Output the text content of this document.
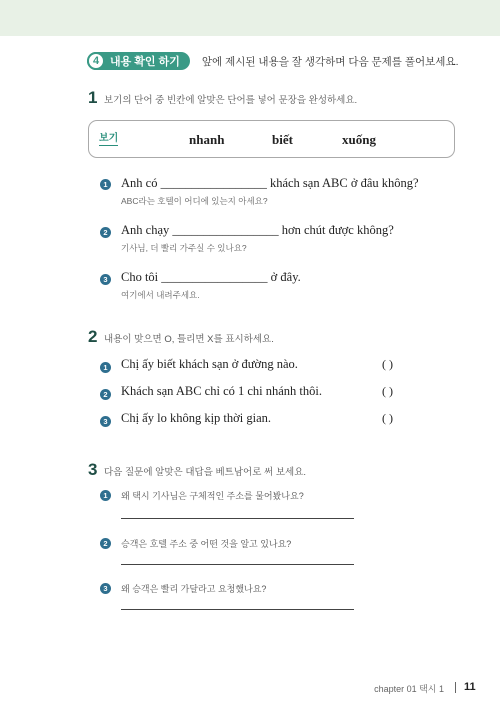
4 내용 확인 하기 앞에 제시된 내용을 잘 생각하며 다음 문제를 풀어보세요.
1 보기의 단어 중 빈칸에 알맞은 단어를 넣어 문장을 완성하세요.
보기	nhanh	biết	xuống
1 Anh có _________________ khách sạn ABC ở đâu không?
ABC라는 호텔이 어디에 있는지 아세요?
2 Anh chạy _________________ hơn chút được không?
기사님, 더 빨리 가주실 수 있나요?
3 Cho tôi _________________ ở đây.
여기에서 내려주세요.
2 내용이 맞으면 O, 틀리면 X를 표시하세요.
1 Chị ấy biết khách sạn ở đường nào.	( )
2 Khách sạn ABC chỉ có 1 chi nhánh thôi.	( )
3 Chị ấy lo không kịp thời gian.	( )
3 다음 질문에 알맞은 대답을 베트남어로 써 보세요.
1	왜 택시 기사님은 구체적인 주소를 물어봤나요?
2	승객은 호텔 주소 중 어떤 것을 알고 있나요?
3	왜 승객은 빨리 가달라고 요청했나요?
chapter 01 택시 1 11
